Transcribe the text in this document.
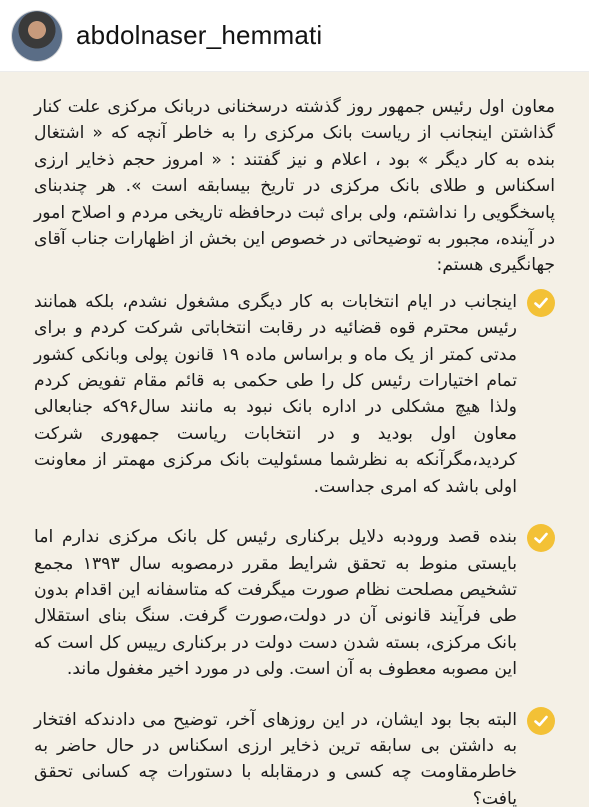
abdolnaser_hemmati

معاون اول رئیس جمهور روز گذشته درسخنانی دربانک مرکزی علت کنار گذاشتن اینجانب از ریاست بانک مرکزی را به خاطر آنچه که « اشتغال بنده به کار دیگر » بود ، اعلام و نیز گفتند : « امروز حجم ذخایر ارزی اسکناس و طلای بانک مرکزی در تاریخ بیسابقه است ». هر چندبنای پاسخگویی را نداشتم، ولی برای ثبت درحافظه تاریخی مردم و اصلاح امور در آینده، مجبور به توضیحاتی در خصوص این بخش از اظهارات جناب آقای جهانگیری هستم:

اینجانب در ایام انتخابات به کار دیگری مشغول نشدم، بلکه همانند رئیس محترم قوه قضائیه در رقابت انتخاباتی شرکت کردم و برای مدتی کمتر از یک ماه و براساس ماده ۱۹ قانون پولی وبانکی کشور تمام اختیارات رئیس کل را طی حکمی به قائم مقام تفویض کردم ولذا هیچ مشکلی در اداره بانک نبود به مانند سال۹۶که جنابعالی معاون اول بودید و در انتخابات ریاست جمهوری شرکت کردید،مگرآنکه به نظرشما مسئولیت بانک مرکزی مهمتر از معاونت اولی باشد که امری جداست.
بنده قصد ورودبه دلایل برکناری رئیس کل بانک مرکزی ندارم اما بایستی منوط به تحقق شرایط مقرر درمصوبه سال ۱۳۹۳ مجمع تشخیص مصلحت نظام صورت میگرفت که متاسفانه این اقدام بدون طی فرآیند قانونی آن در دولت،صورت گرفت. سنگ بنای استقلال بانک مرکزی، بسته شدن دست دولت در برکناری رییس کل است که این مصوبه معطوف به آن است. ولی در مورد اخیر مغفول ماند.
البته بجا بود ایشان، در این روزهای آخر، توضیح می دادندکه افتخار به داشتن بی سابقه ترین ذخایر ارزی اسکناس در حال حاضر به خاطرمقاومت چه کسی و درمقابله با دستورات چه کسانی تحقق یافت؟
